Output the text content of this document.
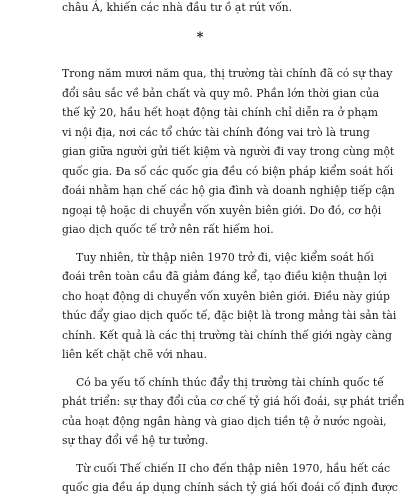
châu Á, khiến các nhà đầu tư ồ ạt rút vốn.
*
Trong năm mươi năm qua, thị trường tài chính đã có sự thay
đổi sâu sắc về bản chất và quy mô. Phần lớn thời gian của
thế kỷ 20, hầu hết hoạt động tài chính chỉ diễn ra ở phạm
vi nội địa, nơi các tổ chức tài chính đóng vai trò là trung
gian giữa người gửi tiết kiệm và người đi vay trong cùng một
quốc gia. Đa số các quốc gia đều có biện pháp kiểm soát hối
đoái nhằm hạn chế các hộ gia đình và doanh nghiệp tiếp cận
ngoại tệ hoặc di chuyển vốn xuyên biên giới. Do đó, cơ hội
giao dịch quốc tế trở nên rất hiếm hoi.
Tuy nhiên, từ thập niên 1970 trở đi, việc kiểm soát hối
đoái trên toàn cầu đã giảm đáng kể, tạo điều kiện thuận lợi
cho hoạt động di chuyển vốn xuyên biên giới. Điều này giúp
thúc đẩy giao dịch quốc tế, đặc biệt là trong mảng tài sản tài
chính. Kết quả là các thị trường tài chính thế giới ngày càng
liên kết chặt chẽ với nhau.
Có ba yếu tố chính thúc đẩy thị trường tài chính quốc tế
phát triển: sự thay đổi của cơ chế tỷ giá hối đoái, sự phát triển
của hoạt động ngân hàng và giao dịch tiền tệ ở nước ngoài,
sự thay đổi về hệ tư tưởng.
Từ cuối Thế chiến II cho đến thập niên 1970, hầu hết các
quốc gia đều áp dụng chính sách tỷ giá hối đoái cố định được
